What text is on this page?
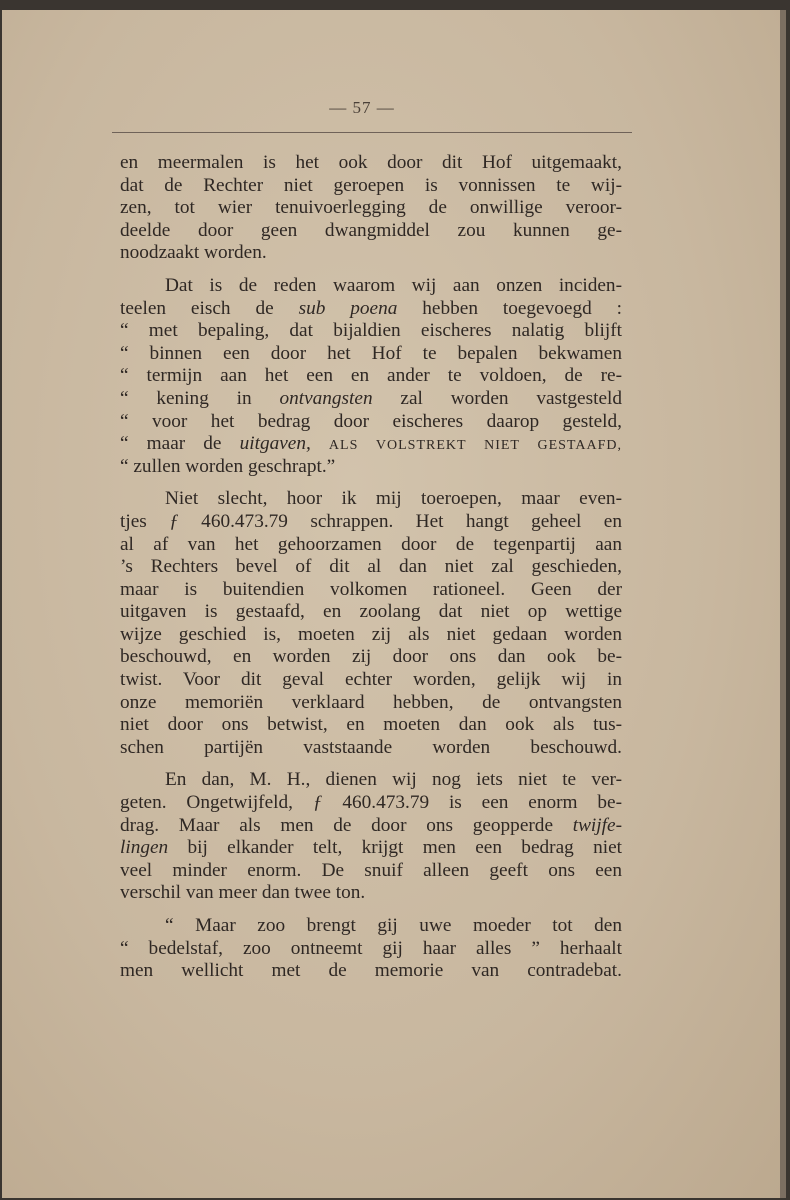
— 57 —
en meermalen is het ook door dit Hof uitgemaakt,
dat de Rechter niet geroepen is vonnissen te wij-
zen, tot wier tenuivoerlegging de onwillige veroor-
deelde door geen dwangmiddel zou kunnen ge-
noodzaakt worden.
Dat is de reden waarom wij aan onzen inciden-
teelen eisch de sub poena hebben toegevoegd :
“ met bepaling, dat bijaldien eischeres nalatig blijft
“ binnen een door het Hof te bepalen bekwamen
“ termijn aan het een en ander te voldoen, de re-
“ kening in ontvangsten zal worden vastgesteld
“ voor het bedrag door eischeres daarop gesteld,
“ maar de uitgaven, ALS VOLSTREKT NIET GESTAAFD,
“ zullen worden geschrapt.”
Niet slecht, hoor ik mij toeroepen, maar even-
tjes ƒ 460.473.79 schrappen. Het hangt geheel en
al af van het gehoorzamen door de tegenpartij aan
’s Rechters bevel of dit al dan niet zal geschieden,
maar is buitendien volkomen rationeel. Geen der
uitgaven is gestaafd, en zoolang dat niet op wettige
wijze geschied is, moeten zij als niet gedaan worden
beschouwd, en worden zij door ons dan ook be-
twist. Voor dit geval echter worden, gelijk wij in
onze memoriën verklaard hebben, de ontvangsten
niet door ons betwist, en moeten dan ook als tus-
schen partijën vaststaande worden beschouwd.
En dan, M. H., dienen wij nog iets niet te ver-
geten. Ongetwijfeld, ƒ 460.473.79 is een enorm be-
drag. Maar als men de door ons geopperde twijfe-
lingen bij elkander telt, krijgt men een bedrag niet
veel minder enorm. De snuif alleen geeft ons een
verschil van meer dan twee ton.
“ Maar zoo brengt gij uwe moeder tot den
“ bedelstaf, zoo ontneemt gij haar alles ” herhaalt
men wellicht met de memorie van contradebat.
